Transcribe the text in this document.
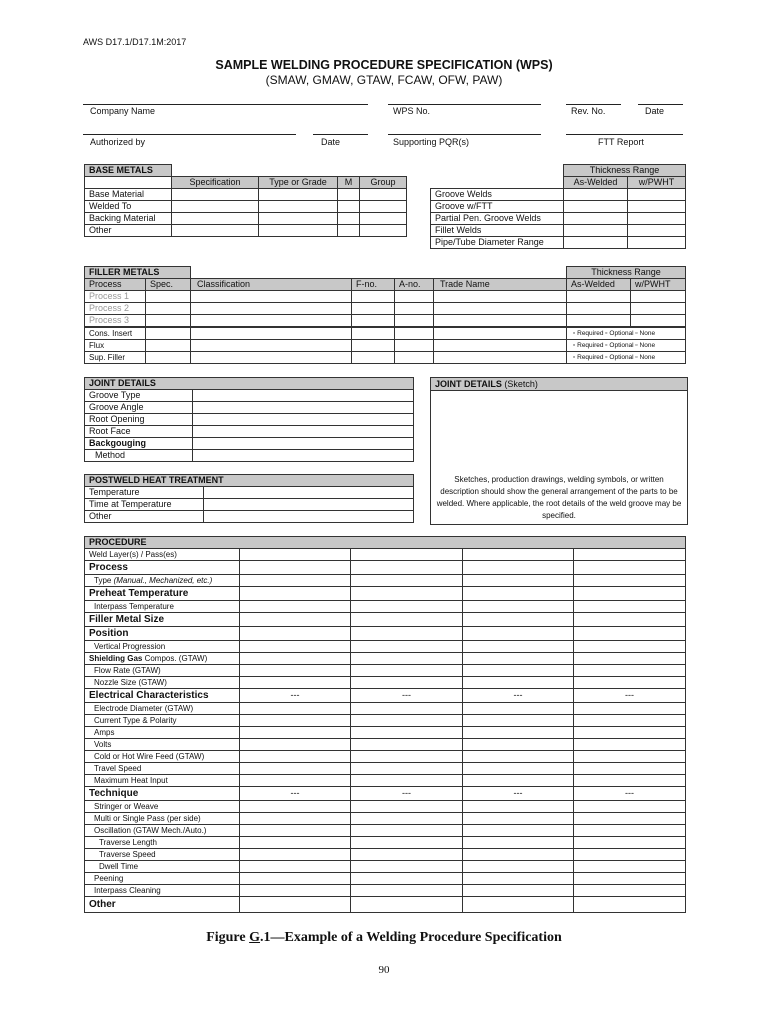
AWS D17.1/D17.1M:2017
SAMPLE WELDING PROCEDURE SPECIFICATION (WPS)
(SMAW, GMAW, GTAW, FCAW, OFW, PAW)
Company Name	WPS No.	Rev. No.	Date
Authorized by	Date	Supporting PQR(s)	FTT Report
BASE METALS				
	Specification	Type or Grade	M	Group
Base Material				
Welded To				
Backing Material				
Other				
	Thickness Range	
	As-Welded	w/PWHT
Groove Welds		
Groove w/FTT		
Partial Pen. Groove Welds		
Fillet Welds		
Pipe/Tube Diameter Range		
FILLER METALS						Thickness Range	
Process	Spec.	Classification	F-no.	A-no.	Trade Name	As-Welded	w/PWHT
Process 1							
Process 2							
Process 3							
Cons. Insert						▫ Required ▫ Optional ▫ None	
Flux						▫ Required ▫ Optional ▫ None	
Sup. Filler						▫ Required ▫ Optional ▫ None	
JOINT DETAILS	
Groove Type	
Groove Angle	
Root Opening	
Root Face	
Backgouging	
Method	
JOINT DETAILS (Sketch)
Sketches, production drawings, welding symbols, or written description should show the general arrangement of the parts to be welded. Where applicable, the root details of the weld groove may be specified.
POSTWELD HEAT TREATMENT	
Temperature	
Time at Temperature	
Other	
PROCEDURE				
Weld Layer(s) / Pass(es)				
Process				
Type (Manual., Mechanized, etc.)				
Preheat Temperature				
Interpass Temperature				
Filler Metal Size				
Position				
Vertical Progression				
Shielding Gas Compos. (GTAW)				
Flow Rate (GTAW)				
Nozzle Size (GTAW)				
Electrical Characteristics	---	---	---	---
Electrode Diameter (GTAW)				
Current Type & Polarity				
Amps				
Volts				
Cold or Hot Wire Feed (GTAW)				
Travel Speed				
Maximum Heat Input				
Technique	---	---	---	---
Stringer or Weave				
Multi or Single Pass (per side)				
Oscillation (GTAW Mech./Auto.)				
Traverse Length				
Traverse Speed				
Dwell Time				
Peening				
Interpass Cleaning				
Other				
Figure G.1—Example of a Welding Procedure Specification
90
